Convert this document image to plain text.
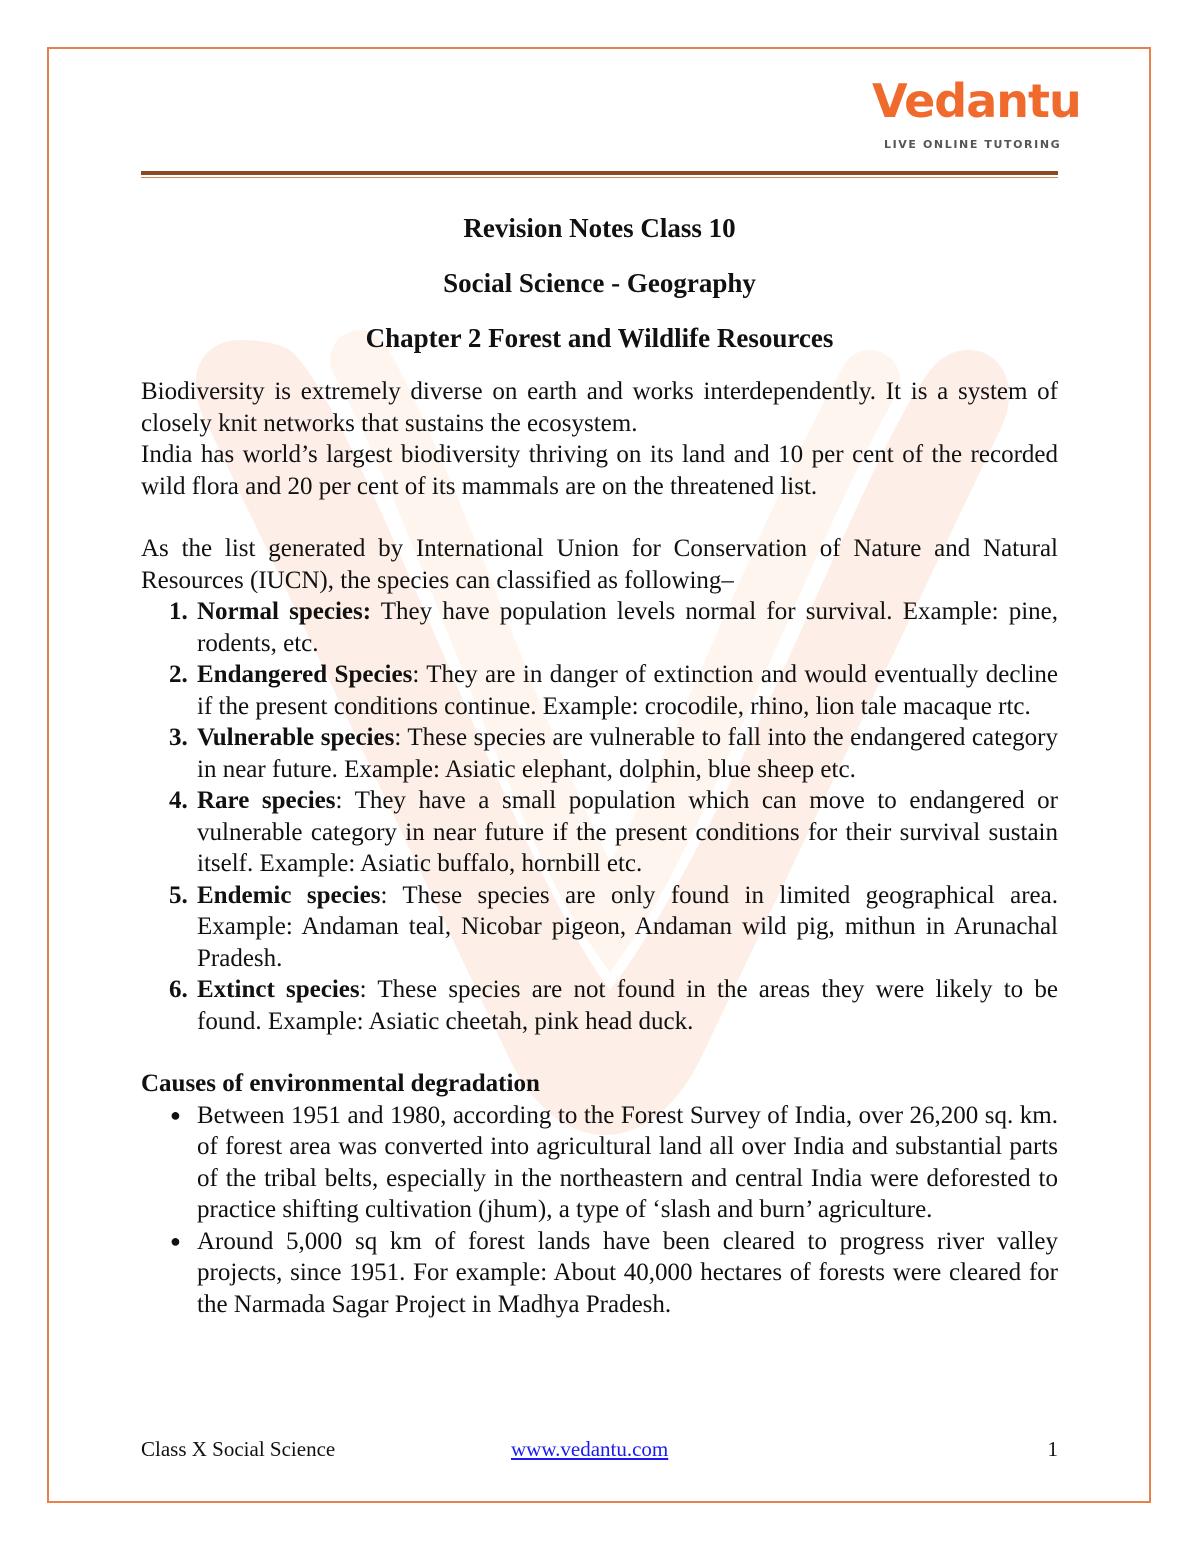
Vedantu
LIVE ONLINE TUTORING
Revision Notes Class 10
Social Science - Geography
Chapter 2 Forest and Wildlife Resources

Biodiversity is extremely diverse on earth and works interdependently. It is a system of closely knit networks that sustains the ecosystem.

India has world’s largest biodiversity thriving on its land and 10 per cent of the recorded wild flora and 20 per cent of its mammals are on the threatened list.

As the list generated by International Union for Conservation of Nature and Natural Resources (IUCN), the species can classified as following–

1. Normal species: They have population levels normal for survival. Example: pine, rodents, etc.
2. Endangered Species: They are in danger of extinction and would eventually decline if the present conditions continue. Example: crocodile, rhino, lion tale macaque rtc.
3. Vulnerable species: These species are vulnerable to fall into the endangered category in near future. Example: Asiatic elephant, dolphin, blue sheep etc.
4. Rare species: They have a small population which can move to endangered or vulnerable category in near future if the present conditions for their survival sustain itself. Example: Asiatic buffalo, hornbill etc.
5. Endemic species: These species are only found in limited geographical area. Example: Andaman teal, Nicobar pigeon, Andaman wild pig, mithun in Arunachal Pradesh.
6. Extinct species: These species are not found in the areas they were likely to be found. Example: Asiatic cheetah, pink head duck.

Causes of environmental degradation

● Between 1951 and 1980, according to the Forest Survey of India, over 26,200 sq. km. of forest area was converted into agricultural land all over India and substantial parts of the tribal belts, especially in the northeastern and central India were deforested to practice shifting cultivation (jhum), a type of ‘slash and burn’ agriculture.
● Around 5,000 sq km of forest lands have been cleared to progress river valley projects, since 1951. For example: About 40,000 hectares of forests were cleared for the Narmada Sagar Project in Madhya Pradesh.
Class X Social Science	www.vedantu.com	1
